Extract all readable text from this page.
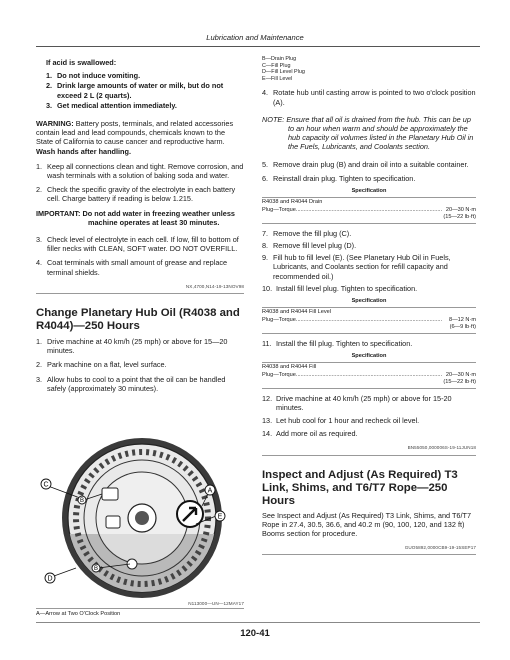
Lubrication and Maintenance
If acid is swallowed:
1. Do not induce vomiting.
2. Drink large amounts of water or milk, but do not exceed 2 L (2 quarts).
3. Get medical attention immediately.
WARNING: Battery posts, terminals, and related accessories contain lead and lead compounds, chemicals known to the State of California to cause cancer and reproductive harm. Wash hands after handling.
1. Keep all connections clean and tight. Remove corrosion, and wash terminals with a solution of baking soda and water.
2. Check the specific gravity of the electrolyte in each battery cell. Charge battery if reading is below 1.215.
IMPORTANT: Do not add water in freezing weather unless machine operates at least 30 minutes.
3. Check level of electrolyte in each cell. If low, fill to bottom of filler necks with CLEAN, SOFT water. DO NOT OVERFILL.
4. Coat terminals with small amount of grease and replace terminal shields.
NX,4700,N14-19-13NOV98
Change Planetary Hub Oil (R4038 and R4044)—250 Hours
1. Drive machine at 40 km/h (25 mph) or above for 15—20 minutes.
2. Park machine on a flat, level surface.
3. Allow hubs to cool to a point that the oil can be handled safely (approximately 30 minutes).
C
B
A
E
D
B
N113000—UN—12MAY17
A—Arrow at Two O'Clock Position
B—Drain Plug
C—Fill Plug
D—Fill Level Plug
E—Fill Level
4. Rotate hub until casting arrow is pointed to two o'clock position (A).
NOTE: Ensure that all oil is drained from the hub. This can be up to an hour when warm and should be approximately the hub capacity oil volumes listed in the Planetary Hub Oil in the Fuels, Lubricants, and Coolants section.
5. Remove drain plug (B) and drain oil into a suitable container.
6. Reinstall drain plug. Tighten to specification.
Specification
R4038 and R4044 Drain
Plug—Torque .............................................................................................. 20—30 N·m
(15—22 lb·ft)
7. Remove the fill plug (C).
8. Remove fill level plug (D).
9. Fill hub to fill level (E). (See Planetary Hub Oil in Fuels, Lubricants, and Coolants section for refill capacity and recommended oil.)
10. Install fill level plug. Tighten to specification.
Specification
R4038 and R4044 Fill Level
Plug—Torque ..............................................................................................	8—12 N·m
(6—9 lb·ft)
11. Install the fill plug. Tighten to specification.
Specification
R4038 and R4044 Fill
Plug—Torque .............................................................................................. 20—30 N·m
(15—22 lb·ft)
12. Drive machine at 40 km/h (25 mph) or above for 15-20 minutes.
13. Let hub cool for 1 hour and recheck oil level.
14. Add more oil as required.
BN55050,000006S-19-11JUN18
Inspect and Adjust (As Required) T3 Link, Shims, and T6/T7 Rope—250 Hours
See Inspect and Adjust (As Required) T3 Link, Shims, and T6/T7 Rope in 27.4, 30.5, 36.6, and 40.2 m (90, 100, 120, and 132 ft) Booms section for procedure.
GUO5892,0000CB9-19-15SEP17
120-41
